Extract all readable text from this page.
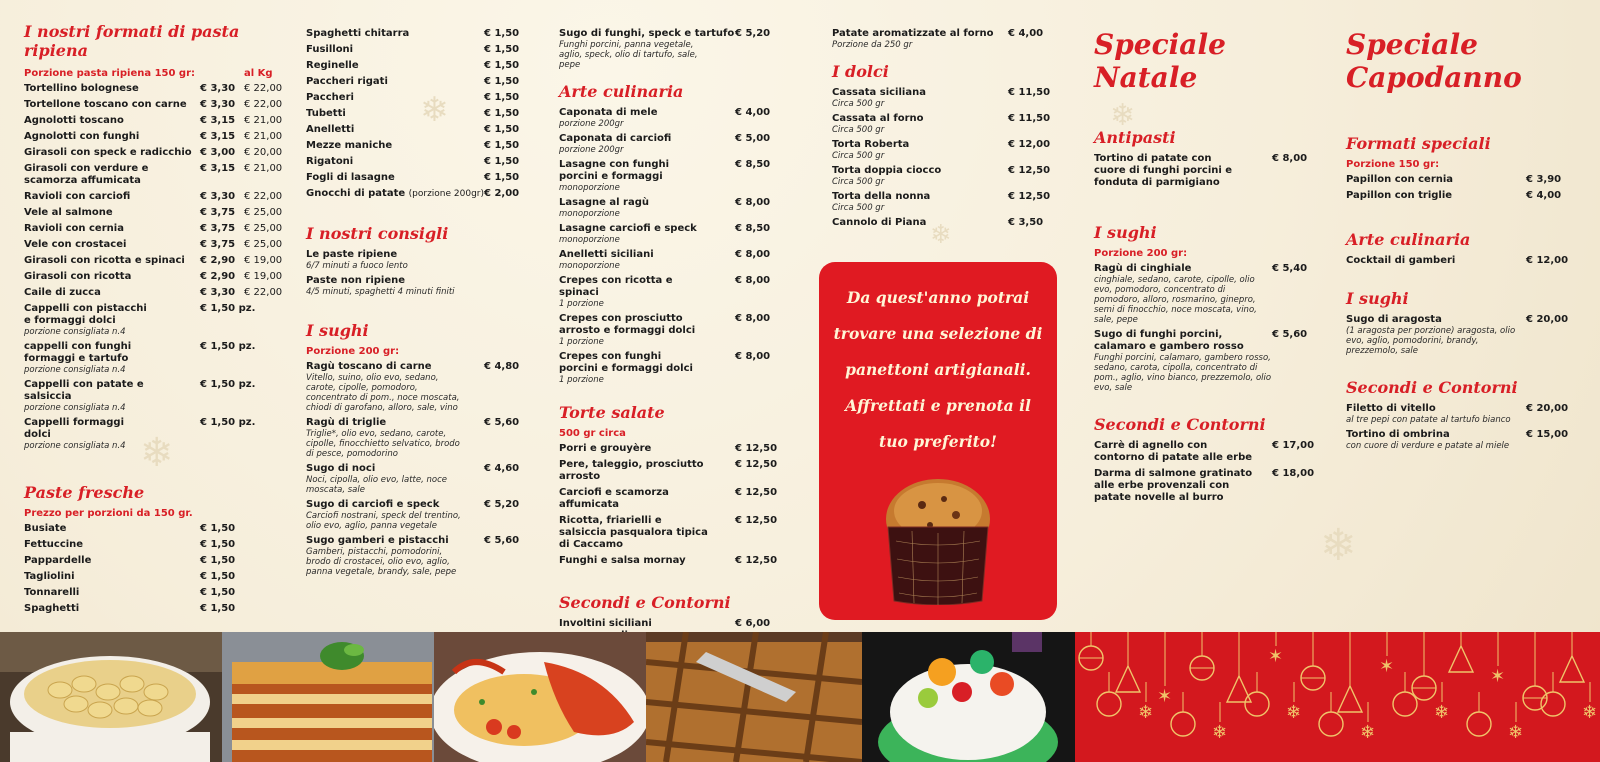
❄
❄
❄
❄
❄
I nostri formati di pasta ripiena
Porzione pasta ripiena 150 gr:	al Kg
Tortellino bolognese	€ 3,30 € 22,00
Tortellone toscano con carne	€ 3,30 € 22,00
Agnolotti toscano	€ 3,15 € 21,00
Agnolotti con funghi	€ 3,15 € 21,00
Girasoli con speck e radicchio € 3,00 € 20,00
Girasoli con verdure e scamorza affumicata
€ 3,15 € 21,00
Ravioli con carciofi	€ 3,30 € 22,00
Vele al salmone	€ 3,75 € 25,00
Ravioli con cernia	€ 3,75 € 25,00
Vele con crostacei	€ 3,75 € 25,00
Girasoli con ricotta e spinaci	€ 2,90 € 19,00
Girasoli con ricotta	€ 2,90 € 19,00
Caile di zucca	€ 3,30 € 22,00
Cappelli con pistacchi e formaggi dolci
porzione consigliata n.4
€ 1,50 pz.
cappelli con funghi formaggi e tartufo
porzione consigliata n.4
€ 1,50 pz.
Cappelli con patate e salsiccia
porzione consigliata n.4
€ 1,50 pz.
Cappelli formaggi dolci
porzione consigliata n.4
€ 1,50 pz.
Paste fresche
Prezzo per porzioni da 150 gr.
Busiate	€ 1,50
Fettuccine	€ 1,50
Pappardelle	€ 1,50
Tagliolini	€ 1,50
Tonnarelli	€ 1,50
Spaghetti	€ 1,50
Spaghetti chitarra	€ 1,50
Fusilloni	€ 1,50
Reginelle	€ 1,50
Paccheri rigati	€ 1,50
Paccheri	€ 1,50
Tubetti	€ 1,50
Anelletti	€ 1,50
Mezze maniche	€ 1,50
Rigatoni	€ 1,50
Fogli di lasagne	€ 1,50
Gnocchi di patate (porzione 200gr) € 2,00
I nostri consigli
Le paste ripiene
6/7 minuti a fuoco lento
Paste non ripiene
4/5 minuti, spaghetti 4 minuti finiti
I sughi
Porzione 200 gr:
Ragù toscano di carne
Vitello, suino, olio evo, sedano, carote, cipolle, pomodoro, concentrato di pom., noce moscata, chiodi di garofano, alloro, sale, vino
€ 4,80
Ragù di triglie
Triglie*, olio evo, sedano, carote, cipolle, finocchietto selvatico, brodo di pesce, pomodorino
€ 5,60
Sugo di noci
Noci, cipolla, olio evo, latte, noce moscata, sale
€ 4,60
Sugo di carciofi e speck
Carciofi nostrani, speck del trentino, olio evo, aglio, panna vegetale
€ 5,20
Sugo gamberi e pistacchi
Gamberi, pistacchi, pomodorini, brodo di crostacei, olio evo, aglio, panna vegetale, brandy, sale, pepe
€ 5,60
Sugo di funghi, speck e tartufo
Funghi porcini, panna vegetale, aglio, speck, olio di tartufo, sale, pepe
€ 5,20
Arte culinaria
Caponata di mele
porzione 200gr
€ 4,00
Caponata di carciofi
porzione 200gr
€ 5,00
Lasagne con funghi porcini e formaggi
monoporzione
€ 8,50
Lasagne al ragù
monoporzione
€ 8,00
Lasagne carciofi e speck
monoporzione
€ 8,50
Anelletti siciliani
monoporzione
€ 8,00
Crepes con ricotta e spinaci
1 porzione
€ 8,00
Crepes con prosciutto arrosto e formaggi dolci
1 porzione
€ 8,00
Crepes con funghi porcini e formaggi dolci
1 porzione
€ 8,00
Torte salate
500 gr circa
Porri e grouyère	€ 12,50
Pere, taleggio, prosciutto arrosto
€ 12,50
Carciofi e scamorza affumicata
€ 12,50
Ricotta, friarielli e salsiccia pasqualora tipica di Caccamo
€ 12,50
Funghi e salsa mornay	€ 12,50
Secondi e Contorni
Involtini siciliani	€ 6,00
Patate aromatizzate al forno
Porzione da 250 gr
€ 4,00
I dolci
Cassata siciliana
Circa 500 gr
€ 11,50
Cassata al forno
Circa 500 gr
€ 11,50
Torta Roberta
Circa 500 gr
€ 12,00
Torta doppia ciocco
Circa 500 gr
€ 12,50
Torta della nonna
Circa 500 gr
€ 12,50
Cannolo di Piana	€ 3,50
Da quest'anno potrai trovare una selezione di panettoni artigianali. Affrettati e prenota il tuo preferito!
Speciale Natale
Antipasti
Tortino di patate con cuore di funghi porcini e fonduta di parmigiano
€ 8,00
I sughi
Porzione 200 gr:
Ragù di cinghiale
cinghiale, sedano, carote, cipolle, olio evo, pomodoro, concentrato di pomodoro, alloro, rosmarino, ginepro, semi di finocchio, noce moscata, vino, sale, pepe
€ 5,40
Sugo di funghi porcini, calamaro e gambero rosso
Funghi porcini, calamaro, gambero rosso, sedano, carota, cipolla, concentrato di pom., aglio, vino bianco, prezzemolo, olio evo, sale
€ 5,60
Secondi e Contorni
Carrè di agnello con contorno di patate alle erbe
€ 17,00
Darma di salmone gratinato alle erbe provenzali con patate novelle al burro
€ 18,00
Speciale Capodanno
Formati speciali
Porzione 150 gr:
Papillon con cernia	€ 3,90
Papillon con triglie	€ 4,00
Arte culinaria
Cocktail di gamberi	€ 12,00
I sughi
Sugo di aragosta
(1 aragosta per porzione) aragosta, olio evo, aglio, pomodorini, brandy, prezzemolo, sale
€ 20,00
Secondi e Contorni
Filetto di vitello
al tre pepi con patate al tartufo bianco
€ 20,00
Tortino di ombrina
con cuore di verdure e patate al miele
€ 15,00
✶
✶	✶	✶
❄
❄
❄
❄
❄
❄
❄
